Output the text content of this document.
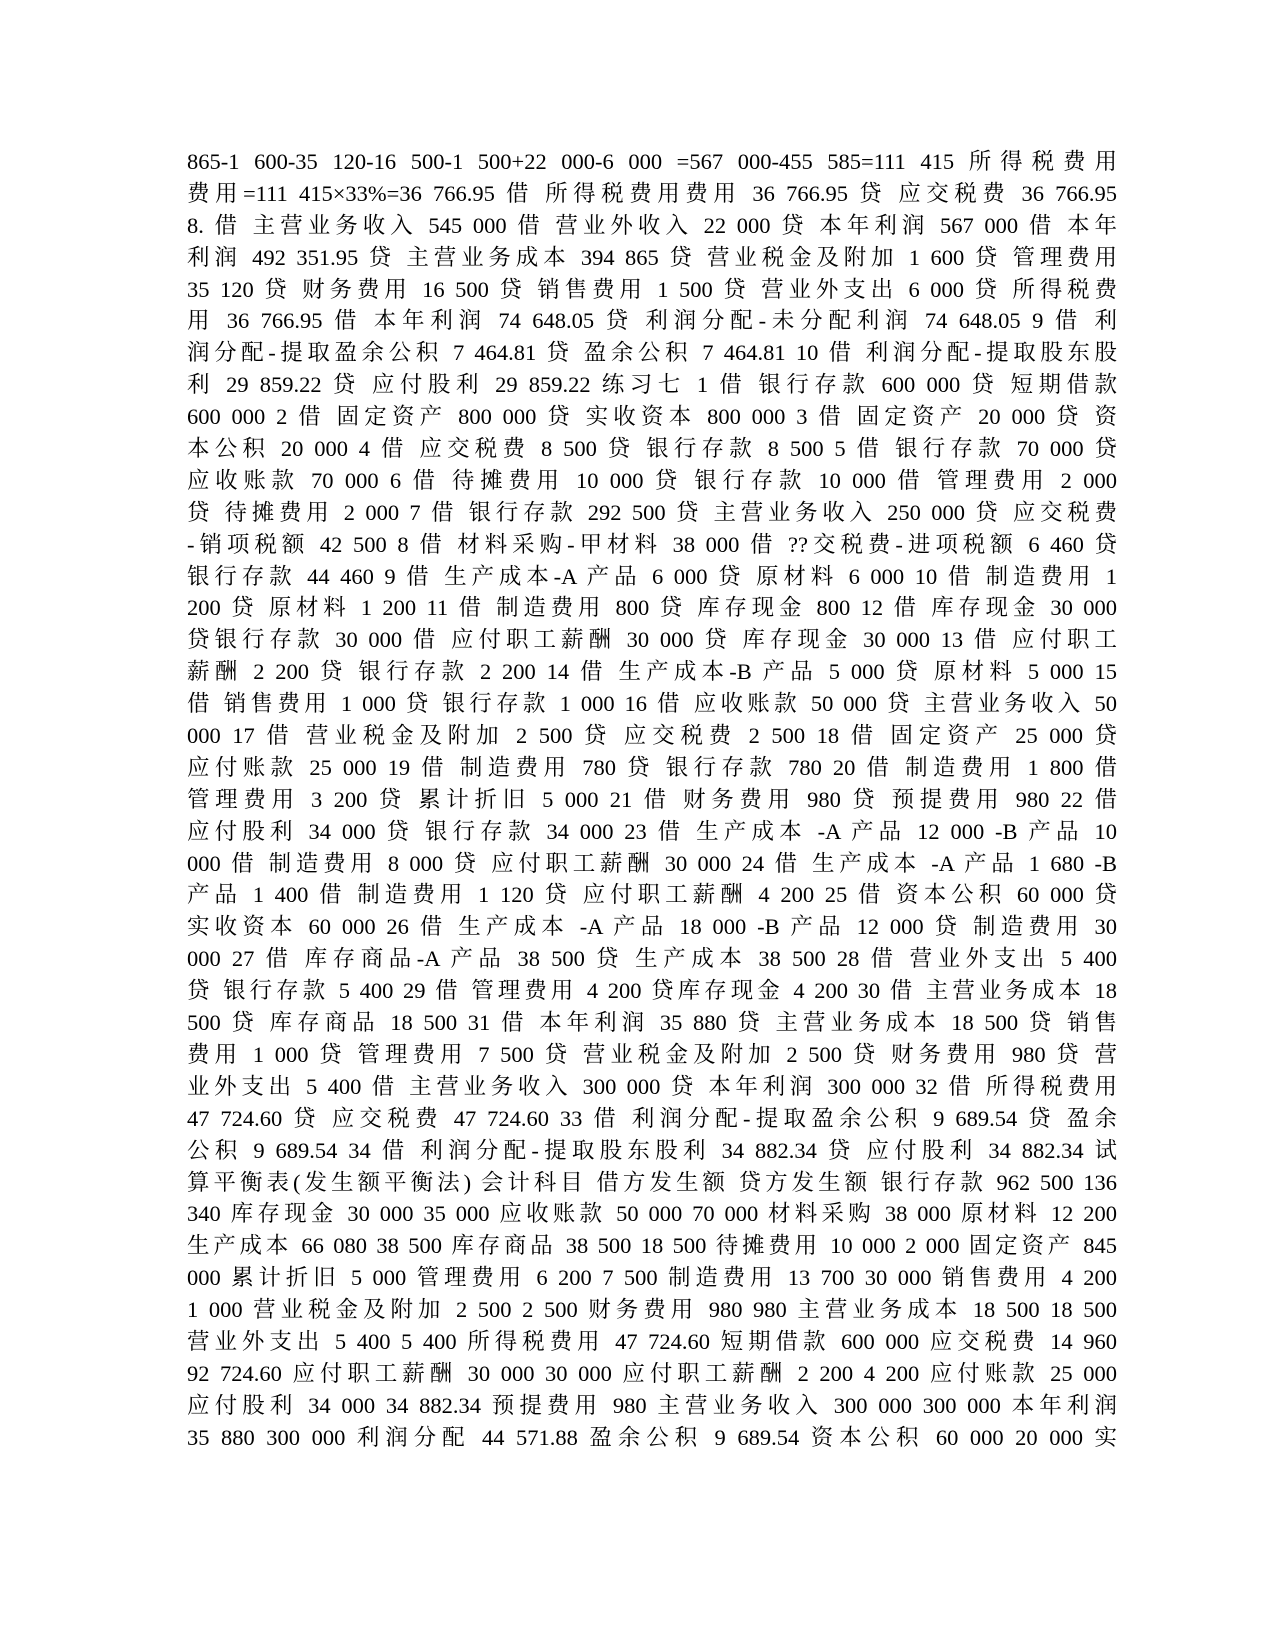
865-1 600-35 120-16 500-1 500+22 000-6 000 =567 000-455 585=111 415 所得税费用
费用=111 415×33%=36 766.95 借 所得税费用费用 36 766.95 贷 应交税费 36 766.95
8. 借 主营业务收入 545 000 借 营业外收入 22 000 贷 本年利润 567 000 借 本年
利润 492 351.95 贷 主营业务成本 394 865 贷 营业税金及附加 1 600 贷 管理费用
35 120 贷 财务费用 16 500 贷 销售费用 1 500 贷 营业外支出 6 000 贷 所得税费
用 36 766.95 借 本年利润 74 648.05 贷 利润分配-未分配利润 74 648.05 9 借 利
润分配-提取盈余公积 7 464.81 贷 盈余公积 7 464.81 10 借 利润分配-提取股东股
利 29 859.22 贷 应付股利 29 859.22 练习七 1 借 银行存款 600 000 贷 短期借款
600 000 2 借 固定资产 800 000 贷 实收资本 800 000 3 借 固定资产 20 000 贷 资
本公积 20 000 4 借 应交税费 8 500 贷 银行存款 8 500 5 借 银行存款 70 000 贷
应收账款 70 000 6 借 待摊费用 10 000 贷 银行存款 10 000 借 管理费用 2 000
贷 待摊费用 2 000 7 借 银行存款 292 500 贷 主营业务收入 250 000 贷 应交税费
-销项税额 42 500 8 借 材料采购-甲材料 38 000 借 ??交税费-进项税额 6 460 贷
银行存款 44 460 9 借 生产成本-A 产品 6 000 贷 原材料 6 000 10 借 制造费用 1
200 贷 原材料 1 200 11 借 制造费用 800 贷 库存现金 800 12 借 库存现金 30 000
贷银行存款 30 000 借 应付职工薪酬 30 000 贷 库存现金 30 000 13 借 应付职工
薪酬 2 200 贷 银行存款 2 200 14 借 生产成本-B 产品 5 000 贷 原材料 5 000 15
借 销售费用 1 000 贷 银行存款 1 000 16 借 应收账款 50 000 贷 主营业务收入 50
000 17 借 营业税金及附加 2 500 贷 应交税费 2 500 18 借 固定资产 25 000 贷
应付账款 25 000 19 借 制造费用 780 贷 银行存款 780 20 借 制造费用 1 800 借
管理费用 3 200 贷 累计折旧 5 000 21 借 财务费用 980 贷 预提费用 980 22 借
应付股利 34 000 贷 银行存款 34 000 23 借 生产成本 -A 产品 12 000 -B 产品 10
000 借 制造费用 8 000 贷 应付职工薪酬 30 000 24 借 生产成本 -A 产品 1 680 -B
产品 1 400 借 制造费用 1 120 贷 应付职工薪酬 4 200 25 借 资本公积 60 000 贷
实收资本 60 000 26 借 生产成本 -A 产品 18 000 -B 产品 12 000 贷 制造费用 30
000 27 借 库存商品-A 产品 38 500 贷 生产成本 38 500 28 借 营业外支出 5 400
贷 银行存款 5 400 29 借 管理费用 4 200 贷库存现金 4 200 30 借 主营业务成本 18
500 贷 库存商品 18 500 31 借 本年利润 35 880 贷 主营业务成本 18 500 贷 销售
费用 1 000 贷 管理费用 7 500 贷 营业税金及附加 2 500 贷 财务费用 980 贷 营
业外支出 5 400 借 主营业务收入 300 000 贷 本年利润 300 000 32 借 所得税费用
47 724.60 贷 应交税费 47 724.60 33 借 利润分配-提取盈余公积 9 689.54 贷 盈余
公积 9 689.54 34 借 利润分配-提取股东股利 34 882.34 贷 应付股利 34 882.34 试
算平衡表(发生额平衡法) 会计科目 借方发生额 贷方发生额 银行存款 962 500 136
340 库存现金 30 000 35 000 应收账款 50 000 70 000 材料采购 38 000 原材料 12 200
生产成本 66 080 38 500 库存商品 38 500 18 500 待摊费用 10 000 2 000 固定资产 845
000 累计折旧 5 000 管理费用 6 200 7 500 制造费用 13 700 30 000 销售费用 4 200
1 000 营业税金及附加 2 500 2 500 财务费用 980 980 主营业务成本 18 500 18 500
营业外支出 5 400 5 400 所得税费用 47 724.60 短期借款 600 000 应交税费 14 960
92 724.60 应付职工薪酬 30 000 30 000 应付职工薪酬 2 200 4 200 应付账款 25 000
应付股利 34 000 34 882.34 预提费用 980 主营业务收入 300 000 300 000 本年利润
35 880 300 000 利润分配 44 571.88 盈余公积 9 689.54 资本公积 60 000 20 000 实
